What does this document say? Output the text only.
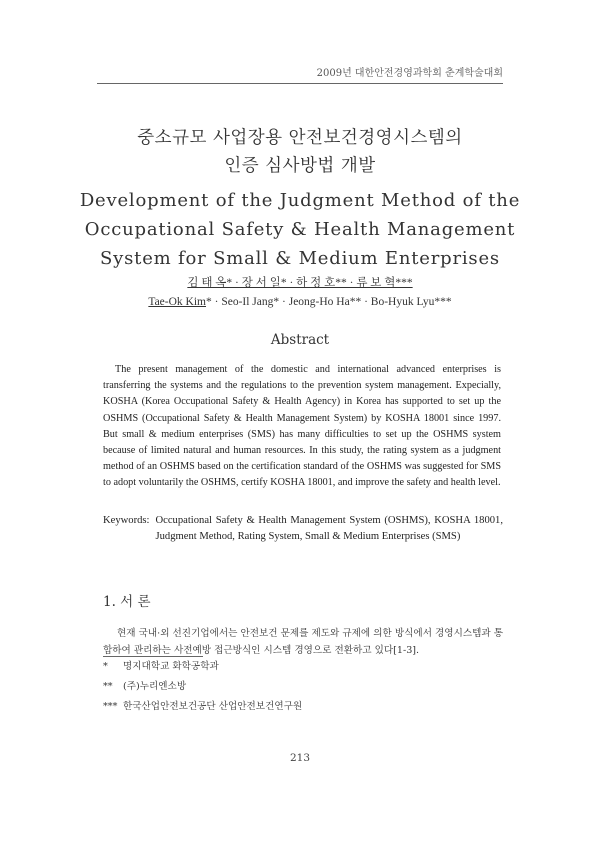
2009년 대한안전경영과학회 춘계학술대회

중소규모 사업장용 안전보건경영시스템의
인증 심사방법 개발

Development of the Judgment Method of the
Occupational Safety & Health Management
System for Small & Medium Enterprises

김 태 옥* · 장 서 일* · 하 정 호** · 류 보 혁***
Tae-Ok Kim* · Seo-Il Jang* · Jeong-Ho Ha** · Bo-Hyuk Lyu***
Abstract

The present management of the domestic and international advanced enterprises is transferring the systems and the regulations to the prevention system management. Expecially, KOSHA (Korea Occupational Safety & Health Agency) in Korea has supported to set up the OSHMS (Occupational Safety & Health Management System) by KOSHA 18001 since 1997. But small & medium enterprises (SMS) has many difficulties to set up the OSHMS system because of limited natural and human resources. In this study, the rating system as a judgment method of an OSHMS based on the certification standard of the OSHMS was suggested for SMS to adopt voluntarily the OSHMS, certify KOSHA 18001, and improve the safety and health level.

Keywords: Occupational Safety & Health Management System (OSHMS), KOSHA 18001, Judgment Method, Rating System, Small & Medium Enterprises (SMS)
1. 서 론

현재 국내·외 선진기업에서는 안전보건 문제를 제도와 규제에 의한 방식에서 경영시스템과 통합하여 관리하는 사전예방 접근방식인 시스템 경영으로 전환하고 있다[1-3].

*	명지대학교 화학공학과
**	(주)누리엔소방
*** 한국산업안전보건공단 산업안전보건연구원
213
